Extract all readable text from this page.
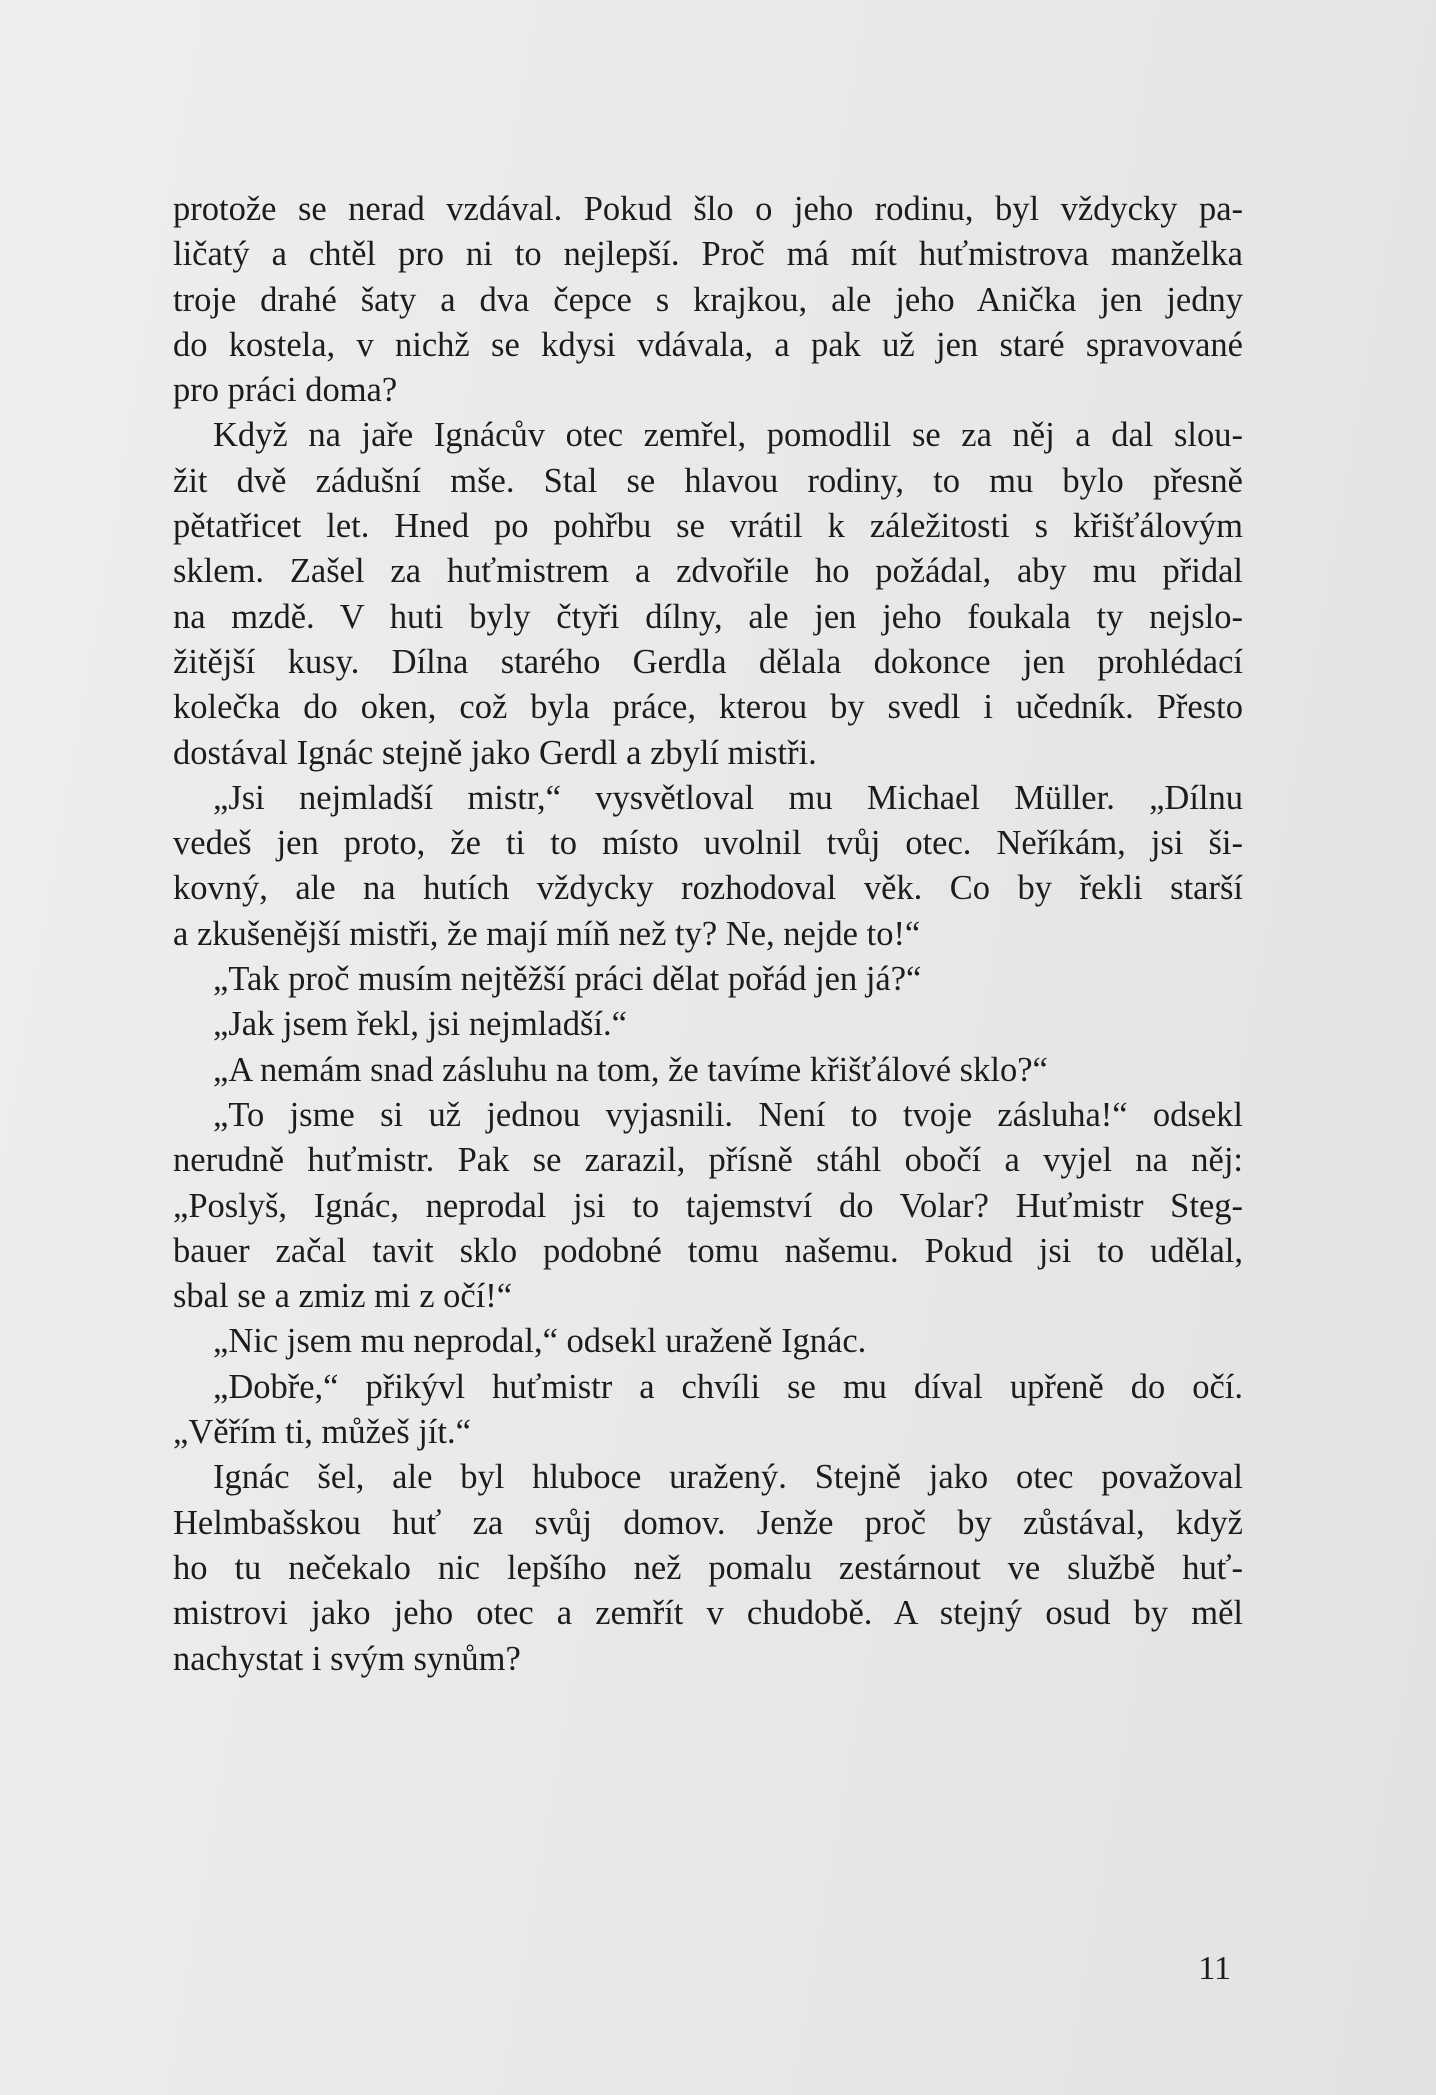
protože se nerad vzdával. Pokud šlo o jeho rodinu, byl vždycky pa-
ličatý a chtěl pro ni to nejlepší. Proč má mít huťmistrova manželka
troje drahé šaty a dva čepce s krajkou, ale jeho Anička jen jedny
do kostela, v nichž se kdysi vdávala, a pak už jen staré spravované
pro práci doma?
Když na jaře Ignácův otec zemřel, pomodlil se za něj a dal slou-
žit dvě zádušní mše. Stal se hlavou rodiny, to mu bylo přesně
pětatřicet let. Hned po pohřbu se vrátil k záležitosti s křišťálovým
sklem. Zašel za huťmistrem a zdvořile ho požádal, aby mu přidal
na mzdě. V huti byly čtyři dílny, ale jen jeho foukala ty nejslo-
žitější kusy. Dílna starého Gerdla dělala dokonce jen prohlédací
kolečka do oken, což byla práce, kterou by svedl i učedník. Přesto
dostával Ignác stejně jako Gerdl a zbylí mistři.
„Jsi nejmladší mistr,“ vysvětloval mu Michael Müller. „Dílnu
vedeš jen proto, že ti to místo uvolnil tvůj otec. Neříkám, jsi ši-
kovný, ale na hutích vždycky rozhodoval věk. Co by řekli starší
a zkušenější mistři, že mají míň než ty? Ne, nejde to!“
„Tak proč musím nejtěžší práci dělat pořád jen já?“
„Jak jsem řekl, jsi nejmladší.“
„A nemám snad zásluhu na tom, že tavíme křišťálové sklo?“
„To jsme si už jednou vyjasnili. Není to tvoje zásluha!“ odsekl
nerudně huťmistr. Pak se zarazil, přísně stáhl obočí a vyjel na něj:
„Poslyš, Ignác, neprodal jsi to tajemství do Volar? Huťmistr Steg-
bauer začal tavit sklo podobné tomu našemu. Pokud jsi to udělal,
sbal se a zmiz mi z očí!“
„Nic jsem mu neprodal,“ odsekl uraženě Ignác.
„Dobře,“ přikývl huťmistr a chvíli se mu díval upřeně do očí.
„Věřím ti, můžeš jít.“
Ignác šel, ale byl hluboce uražený. Stejně jako otec považoval
Helmbašskou huť za svůj domov. Jenže proč by zůstával, když
ho tu nečekalo nic lepšího než pomalu zestárnout ve službě huť-
mistrovi jako jeho otec a zemřít v chudobě. A stejný osud by měl
nachystat i svým synům?
11
